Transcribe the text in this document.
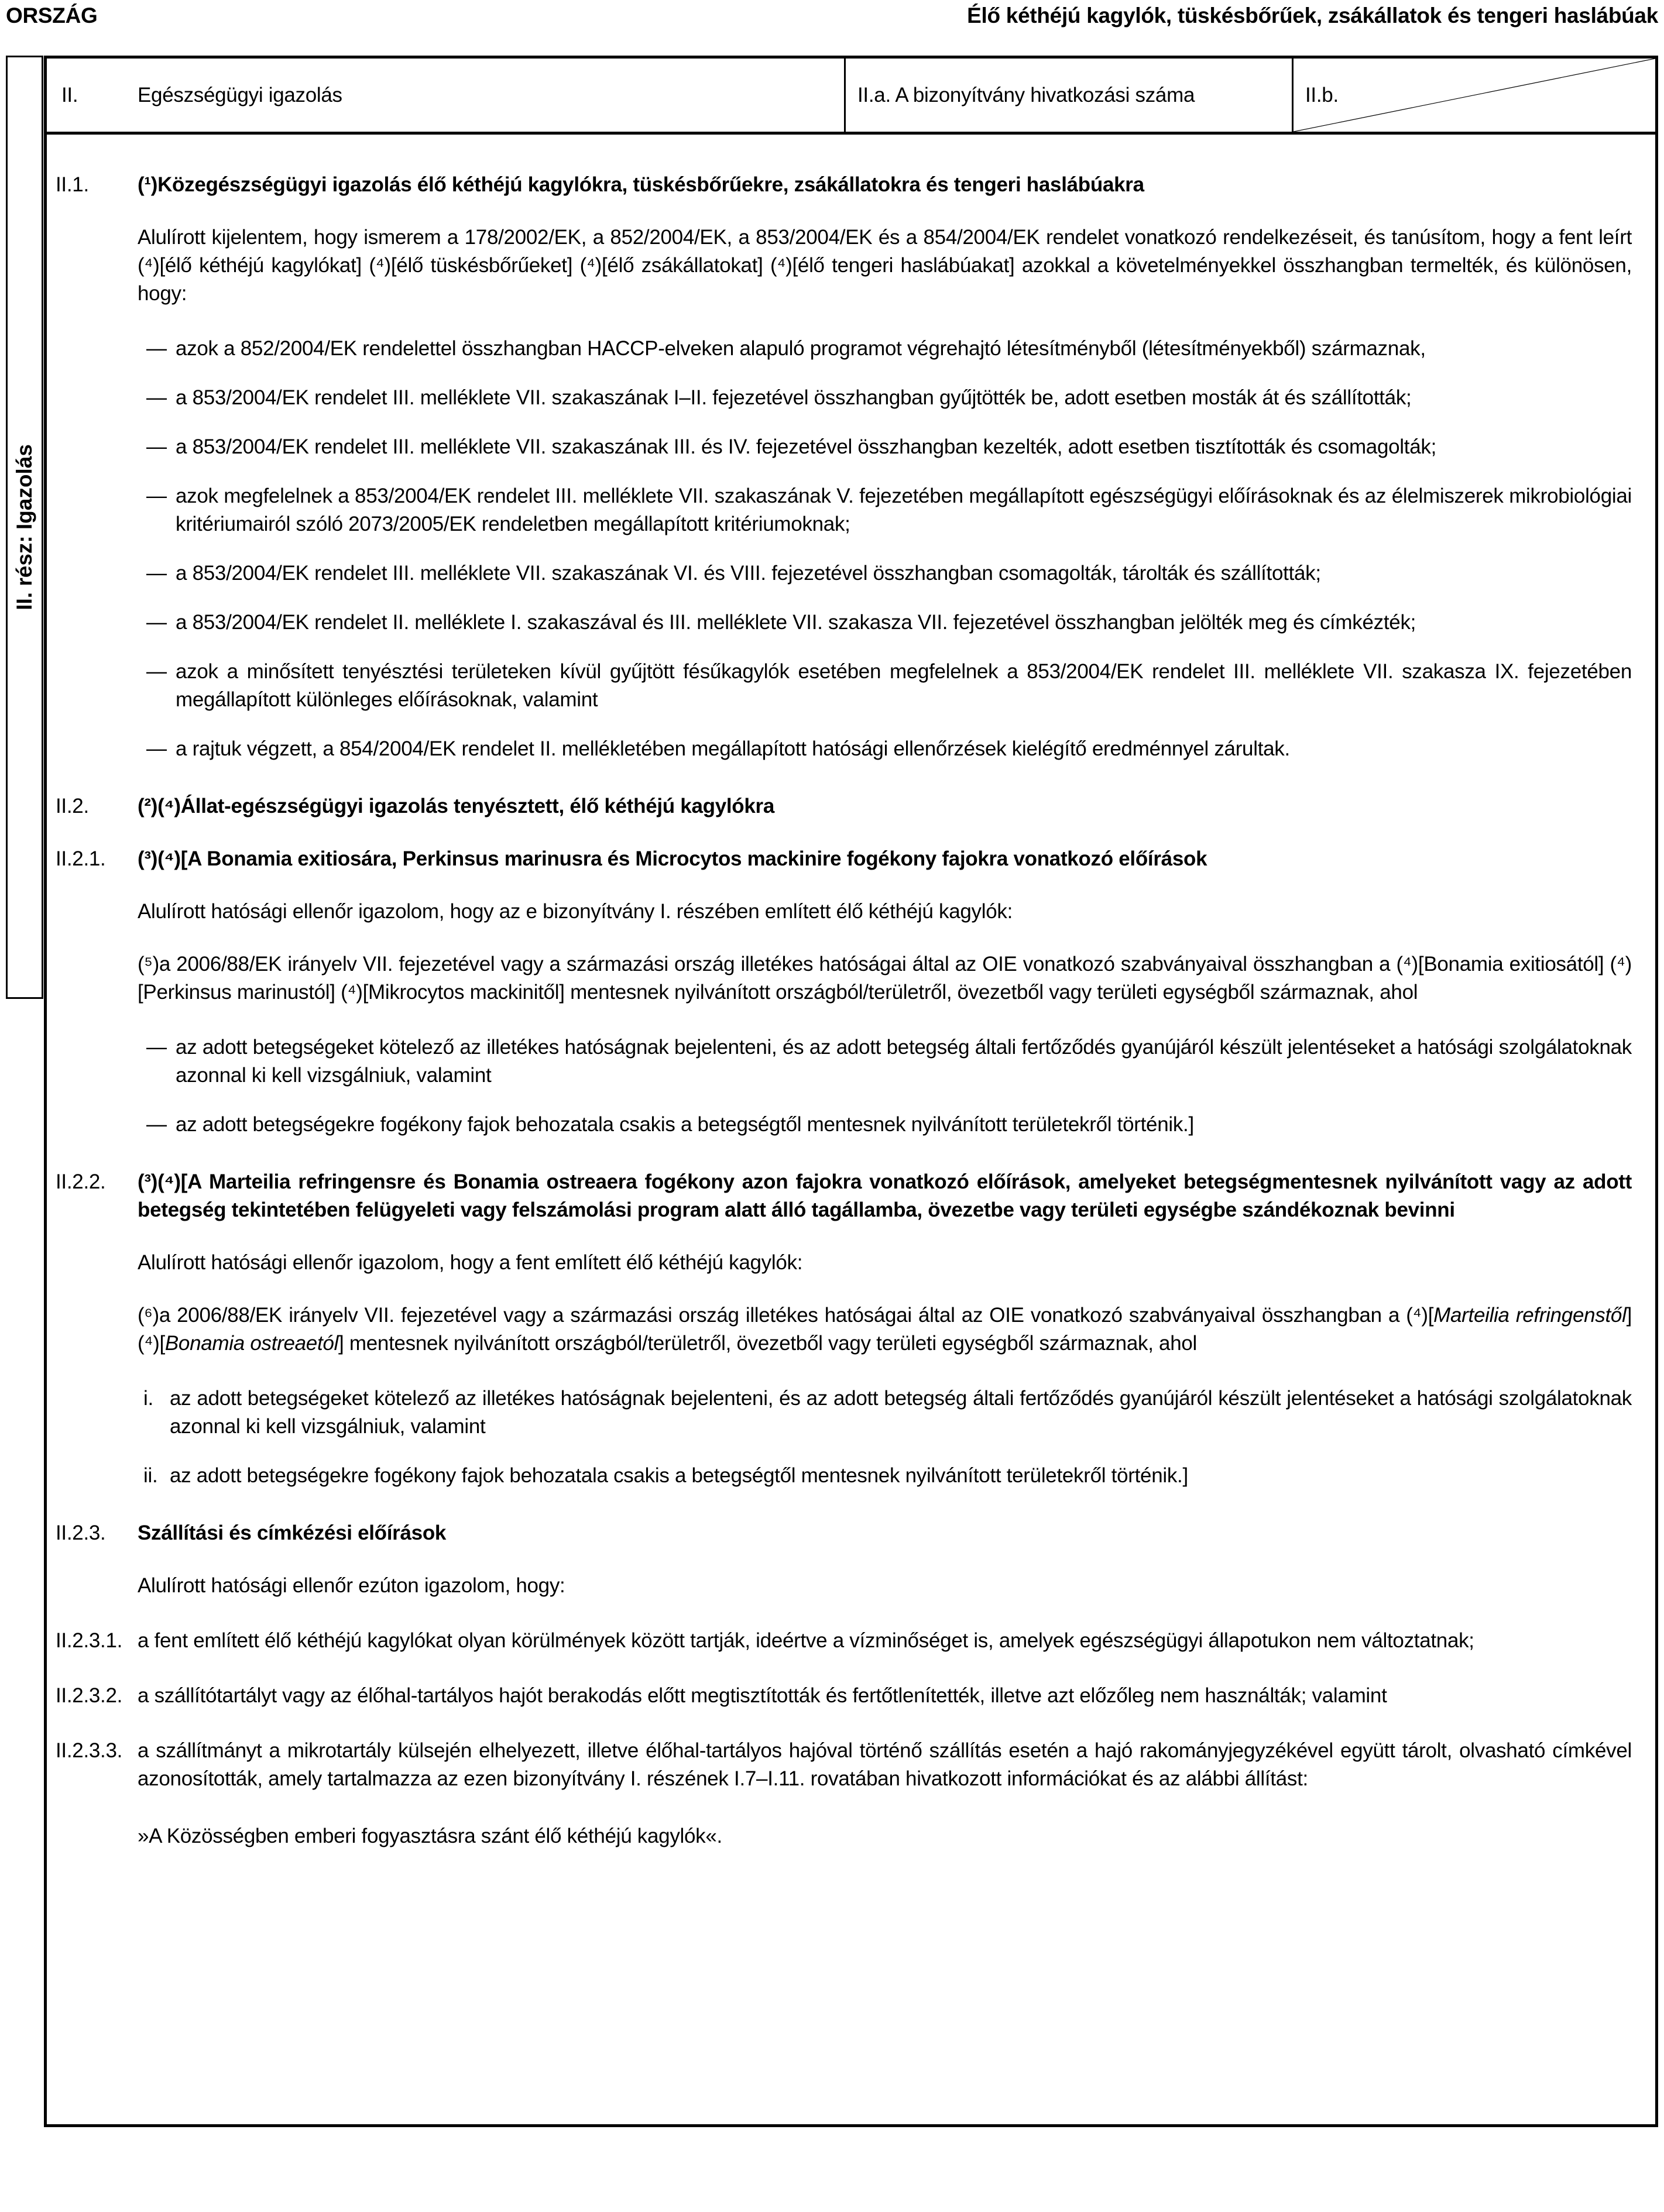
ORSZÁG	Élő kéthéjú kagylók, tüskésbőrűek, zsákállatok és tengeri haslábúak
II. rész: Igazolás
II.	Egészségügyi igazolás	II.a. A bizonyítvány hivatkozási száma	II.b.
II.1.	(¹)Közegészségügyi igazolás élő kéthéjú kagylókra, tüskésbőrűekre, zsákállatokra és tengeri haslábúakra
Alulírott kijelentem, hogy ismerem a 178/2002/EK, a 852/2004/EK, a 853/2004/EK és a 854/2004/EK rendelet vonatkozó rendelkezéseit, és tanúsítom, hogy a fent leírt (⁴)[élő kéthéjú kagylókat] (⁴)[élő tüskésbőrűeket] (⁴)[élő zsákállatokat] (⁴)[élő tengeri haslábúakat] azokkal a követelményekkel összhangban termelték, és különösen, hogy:
— azok a 852/2004/EK rendelettel összhangban HACCP-elveken alapuló programot végrehajtó létesítményből (létesítményekből) származnak,
— a 853/2004/EK rendelet III. melléklete VII. szakaszának I–II. fejezetével összhangban gyűjtötték be, adott esetben mosták át és szállították;
— a 853/2004/EK rendelet III. melléklete VII. szakaszának III. és IV. fejezetével összhangban kezelték, adott esetben tisztították és csomagolták;
— azok megfelelnek a 853/2004/EK rendelet III. melléklete VII. szakaszának V. fejezetében megállapított egészségügyi előírásoknak és az élelmiszerek mikrobiológiai kritériumairól szóló 2073/2005/EK rendeletben megállapított kritériumoknak;
— a 853/2004/EK rendelet III. melléklete VII. szakaszának VI. és VIII. fejezetével összhangban csomagolták, tárolták és szállították;
— a 853/2004/EK rendelet II. melléklete I. szakaszával és III. melléklete VII. szakasza VII. fejezetével összhangban jelölték meg és címkézték;
— azok a minősített tenyésztési területeken kívül gyűjtött fésűkagylók esetében megfelelnek a 853/2004/EK rendelet III. melléklete VII. szakasza IX. fejezetében megállapított különleges előírásoknak, valamint
— a rajtuk végzett, a 854/2004/EK rendelet II. mellékletében megállapított hatósági ellenőrzések kielégítő eredménnyel zárultak.
II.2.	(²)(⁴)Állat-egészségügyi igazolás tenyésztett, élő kéthéjú kagylókra
II.2.1.	(³)(⁴)[A Bonamia exitiosára, Perkinsus marinusra és Microcytos mackinire fogékony fajokra vonatkozó előírások
Alulírott hatósági ellenőr igazolom, hogy az e bizonyítvány I. részében említett élő kéthéjú kagylók:
(⁵)a 2006/88/EK irányelv VII. fejezetével vagy a származási ország illetékes hatóságai által az OIE vonatkozó szabványaival összhangban a (⁴)[Bonamia exitiosától] (⁴)[Perkinsus marinustól] (⁴)[Mikrocytos mackinitől] mentesnek nyilvánított országból/területről, övezetből vagy területi egységből származnak, ahol
— az adott betegségeket kötelező az illetékes hatóságnak bejelenteni, és az adott betegség általi fertőződés gyanújáról készült jelentéseket a hatósági szolgálatoknak azonnal ki kell vizsgálniuk, valamint
— az adott betegségekre fogékony fajok behozatala csakis a betegségtől mentesnek nyilvánított területekről történik.]
II.2.2.	(³)(⁴)[A Marteilia refringensre és Bonamia ostreaera fogékony azon fajokra vonatkozó előírások, amelyeket betegségmentesnek nyilvánított vagy az adott betegség tekintetében felügyeleti vagy felszámolási program alatt álló tagállamba, övezetbe vagy területi egységbe szándékoznak bevinni
Alulírott hatósági ellenőr igazolom, hogy a fent említett élő kéthéjú kagylók:
(⁶)a 2006/88/EK irányelv VII. fejezetével vagy a származási ország illetékes hatóságai által az OIE vonatkozó szabványaival összhangban a (⁴)[Marteilia refringenstől] (⁴)[Bonamia ostreaetól] mentesnek nyilvánított országból/területről, övezetből vagy területi egységből származnak, ahol
i. az adott betegségeket kötelező az illetékes hatóságnak bejelenteni, és az adott betegség általi fertőződés gyanújáról készült jelentéseket a hatósági szolgálatoknak azonnal ki kell vizsgálniuk, valamint
ii. az adott betegségekre fogékony fajok behozatala csakis a betegségtől mentesnek nyilvánított területekről történik.]
II.2.3.	Szállítási és címkézési előírások
Alulírott hatósági ellenőr ezúton igazolom, hogy:
II.2.3.1. a fent említett élő kéthéjú kagylókat olyan körülmények között tartják, ideértve a vízminőséget is, amelyek egészségügyi állapotukon nem változtatnak;
II.2.3.2. a szállítótartályt vagy az élőhal-tartályos hajót berakodás előtt megtisztították és fertőtlenítették, illetve azt előzőleg nem használták; valamint
II.2.3.3. a szállítmányt a mikrotartály külsején elhelyezett, illetve élőhal-tartályos hajóval történő szállítás esetén a hajó rakományjegyzékével együtt tárolt, olvasható címkével azonosították, amely tartalmazza az ezen bizonyítvány I. részének I.7–I.11. rovatában hivatkozott információkat és az alábbi állítást:
»A Közösségben emberi fogyasztásra szánt élő kéthéjú kagylók«.
